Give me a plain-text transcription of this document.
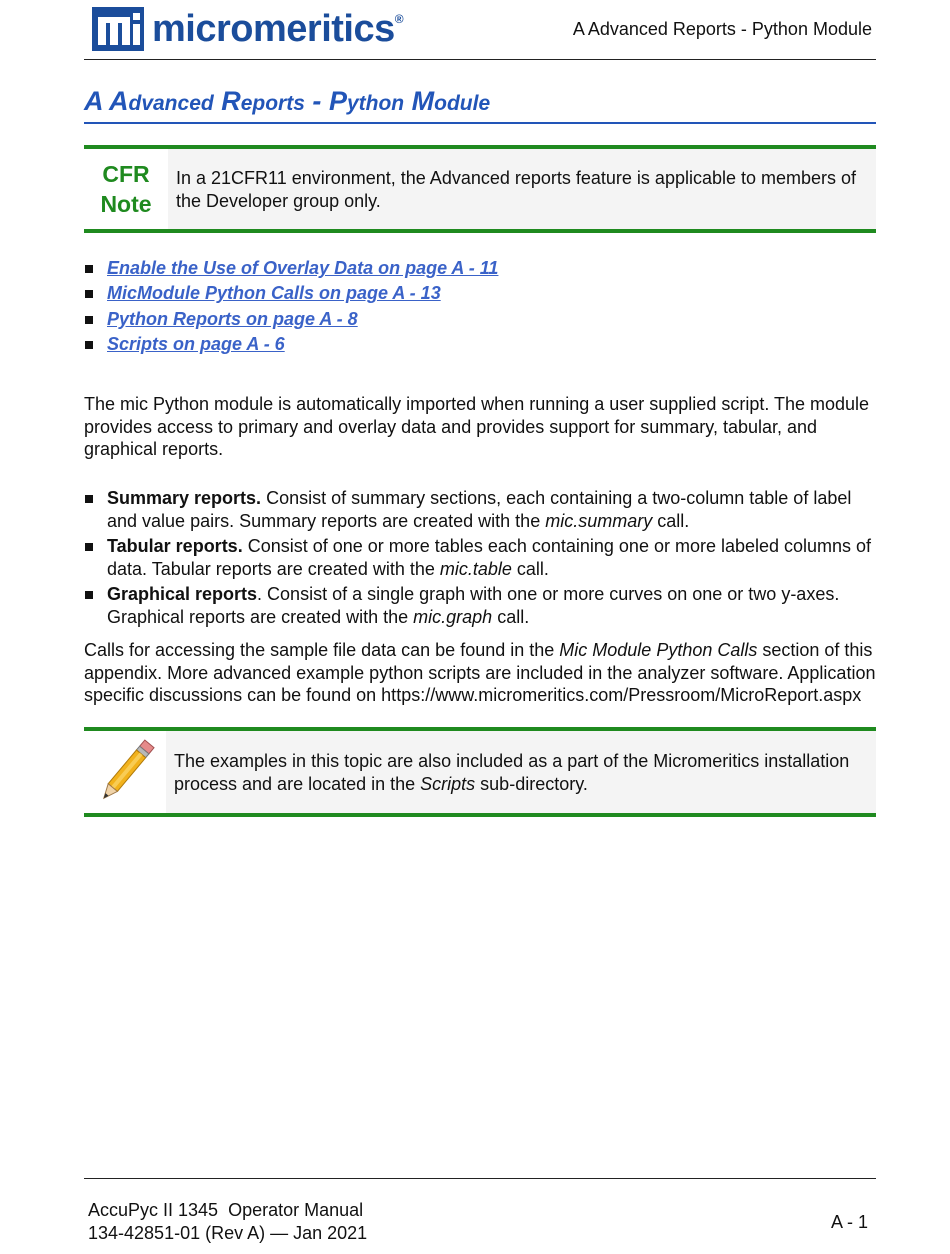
micromeritics®
A Advanced Reports - Python Module
A Advanced Reports - Python Module
CFR
Note
In a 21CFR11 environment, the Advanced reports feature is applicable to members of the Developer group only.
Enable the Use of Overlay Data on page A - 11
MicModule Python Calls on page A - 13
Python Reports on page A - 8
Scripts on page A - 6

The mic Python module is automatically imported when running a user supplied script. The module provides access to primary and overlay data and provides support for summary, tabular, and graphical reports.

Summary reports. Consist of summary sections, each containing a two-column table of label and value pairs. Summary reports are created with the mic.summary call.
Tabular reports. Consist of one or more tables each containing one or more labeled columns of data. Tabular reports are created with the mic.table call.
Graphical reports. Consist of a single graph with one or more curves on one or two y-axes. Graphical reports are created with the mic.graph call.

Calls for accessing the sample file data can be found in the Mic Module Python Calls section of this appendix. More advanced example python scripts are included in the analyzer software. Application specific discussions can be found on https://www.micromeritics.com/Pressroom/MicroReport.aspx

The examples in this topic are also included as a part of the Micromeritics installation process and are located in the Scripts sub-directory.
AccuPyc II 1345  Operator Manual
134-42851-01 (Rev A) — Jan 2021
A - 1
